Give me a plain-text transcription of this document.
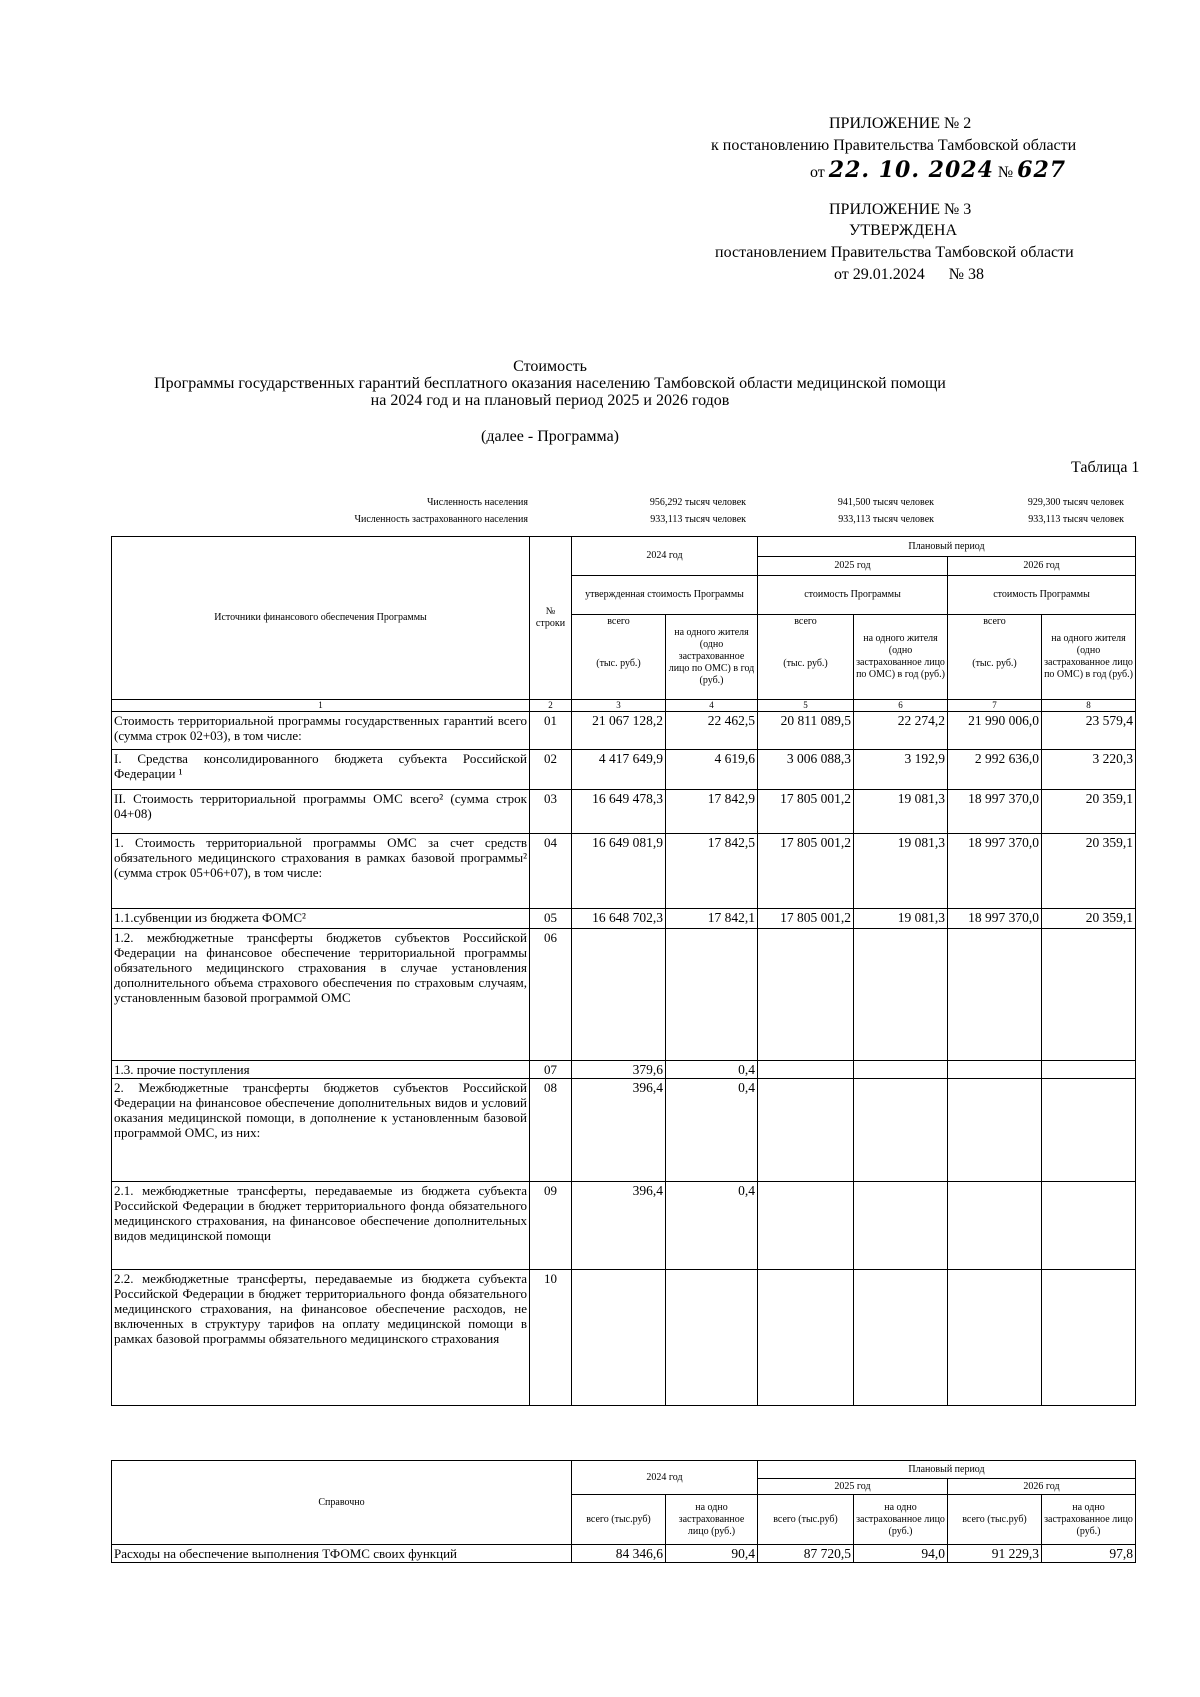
ПРИЛОЖЕНИЕ № 2
к постановлению Правительства Тамбовской области
от 22. 10. 2024 № 627
ПРИЛОЖЕНИЕ № 3
УТВЕРЖДЕНА
постановлением Правительства Тамбовской области
от 29.01.2024      № 38
Стоимость
Программы государственных гарантий бесплатного оказания населению Тамбовской области медицинской помощи
на 2024 год и на плановый период 2025 и 2026 годов
(далее - Программа)
Таблица 1
Численность населения
Численность застрахованного населения
956,292 тысяч человек	941,500 тысяч человек	929,300 тысяч человек
933,113 тысяч человек	933,113 тысяч человек	933,113 тысяч человек
Источники финансового обеспечения Программы	№ строки	2024 год		Плановый период			
				2025 год		2026 год	
		утвержденная стоимость Программы		стоимость Программы		стоимость Программы	
		всего	на одного жителя (одно застрахованное лицо по ОМС) в год (руб.)	всего	на одного жителя (одно застрахованное лицо по ОМС) в год (руб.)	всего	на одного жителя (одно застрахованное лицо по ОМС) в год (руб.)
		(тыс. руб.)		(тыс. руб.)		(тыс. руб.)	
1	2	3	4	5	6	7	8
Стоимость территориальной программы государственных гарантий всего (сумма строк 02+03), в том числе:	01	21 067 128,2	22 462,5	20 811 089,5	22 274,2	21 990 006,0	23 579,4
I. Средства консолидированного бюджета субъекта Российской Федерации ¹	02	4 417 649,9	4 619,6	3 006 088,3	3 192,9	2 992 636,0	3 220,3
II. Стоимость территориальной программы ОМС всего² (сумма строк 04+08)	03	16 649 478,3	17 842,9	17 805 001,2	19 081,3	18 997 370,0	20 359,1
1. Стоимость территориальной программы ОМС за счет средств обязательного медицинского страхования в рамках базовой программы² (сумма строк 05+06+07), в том числе:	04	16 649 081,9	17 842,5	17 805 001,2	19 081,3	18 997 370,0	20 359,1
1.1.субвенции из бюджета ФОМС²	05	16 648 702,3	17 842,1	17 805 001,2	19 081,3	18 997 370,0	20 359,1
1.2. межбюджетные трансферты бюджетов субъектов Российской Федерации на финансовое обеспечение территориальной программы обязательного медицинского страхования в случае установления дополнительного объема страхового обеспечения по страховым случаям, установленным базовой программой ОМС	06						
1.3. прочие поступления	07	379,6	0,4				
2. Межбюджетные трансферты бюджетов субъектов Российской Федерации на финансовое обеспечение дополнительных видов и условий оказания медицинской помощи, в дополнение к установленным базовой программой ОМС, из них:	08	396,4	0,4				
2.1. межбюджетные трансферты, передаваемые из бюджета субъекта Российской Федерации в бюджет территориального фонда обязательного медицинского страхования, на финансовое обеспечение дополнительных видов медицинской помощи	09	396,4	0,4				
2.2. межбюджетные трансферты, передаваемые из бюджета субъекта Российской Федерации в бюджет территориального фонда обязательного медицинского страхования, на финансовое обеспечение расходов, не включенных в структуру тарифов на оплату медицинской помощи в рамках базовой программы обязательного медицинского страхования	10						
Справочно	2024 год		Плановый период			
			2025 год		2026 год	
	всего (тыс.руб)	на одно застрахованное лицо (руб.)	всего (тыс.руб)	на одно застрахованное лицо (руб.)	всего (тыс.руб)	на одно застрахованное лицо (руб.)
Расходы на обеспечение выполнения ТФОМС своих функций	84 346,6	90,4	87 720,5	94,0	91 229,3	97,8
